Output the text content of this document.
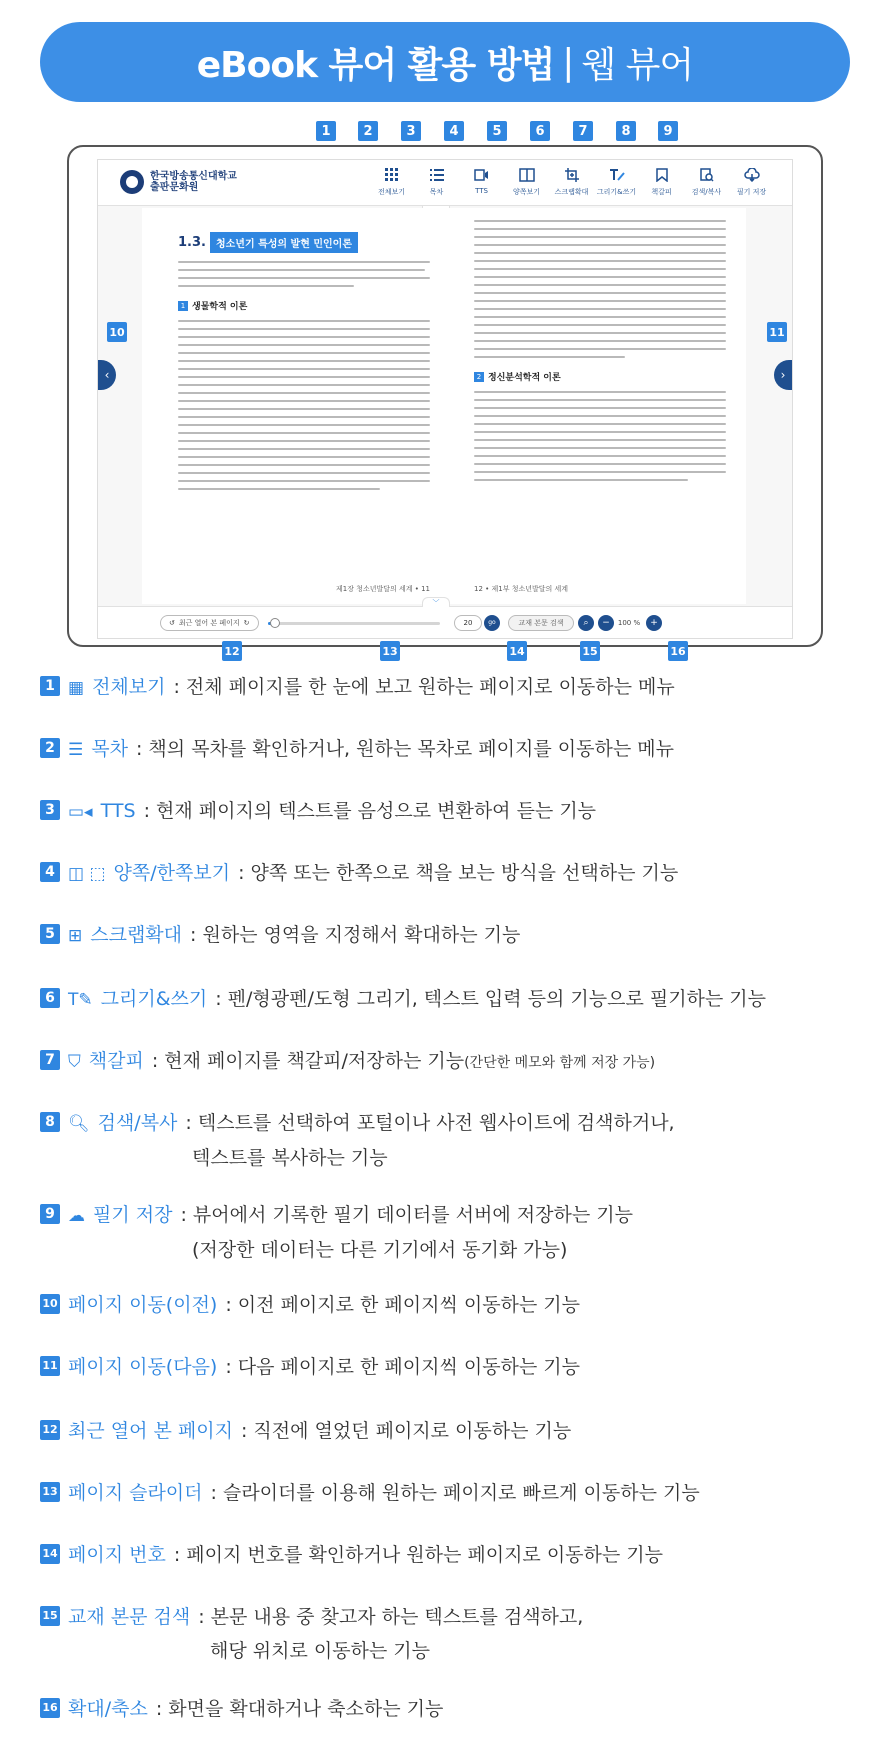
eBook 뷰어 활용 방법 | 웹 뷰어
1	2	3	4	5	6	7	8	9
한국방송통신대학교
출판문화원	전체보기	목차	TTS	양쪽보기 스크랩확대 그리기&쓰기 책갈피	검색/복사 필기 저장
1.3.	청소년기 특성의 발현 민인이론
1 생물학적 이론
제1장 청소년발달의 세계 • 11
2 정신분석학적 이론
12 • 제1부 청소년발달의 세계
‹	›
﹀
↺ 최근 열어 본 페이지 ↻	20	go	교재 본문 검색	⌕	−	100 %	+
10	11
12	13	14	15	16
1 ▦ 전체보기 : 전체 페이지를 한 눈에 보고 원하는 페이지로 이동하는 메뉴
2 ☰ 목차 : 책의 목차를 확인하거나, 원하는 목차로 페이지를 이동하는 메뉴
3 ▭◂ TTS : 현재 페이지의 텍스트를 음성으로 변환하여 듣는 기능
4 ◫ ⬚ 양쪽/한쪽보기 : 양쪽 또는 한쪽으로 책을 보는 방식을 선택하는 기능
5 ⊞ 스크랩확대 : 원하는 영역을 지정해서 확대하는 기능
6 T✎ 그리기&쓰기 : 펜/형광펜/도형 그리기, 텍스트 입력 등의 기능으로 필기하는 기능
7 ⛉ 책갈피 : 현재 페이지를 책갈피/저장하는 기능(간단한 메모와 함께 저장 가능)
8 🔍︎ 검색/복사 : 텍스트를 선택하여 포털이나 사전 웹사이트에 검색하거나,
텍스트를 복사하는 기능
9 ☁ 필기 저장 : 뷰어에서 기록한 필기 데이터를 서버에 저장하는 기능
(저장한 데이터는 다른 기기에서 동기화 가능)
10 페이지 이동(이전) : 이전 페이지로 한 페이지씩 이동하는 기능
11 페이지 이동(다음) : 다음 페이지로 한 페이지씩 이동하는 기능
12 최근 열어 본 페이지 : 직전에 열었던 페이지로 이동하는 기능
13 페이지 슬라이더 : 슬라이더를 이용해 원하는 페이지로 빠르게 이동하는 기능
14 페이지 번호 : 페이지 번호를 확인하거나 원하는 페이지로 이동하는 기능
15 교재 본문 검색 : 본문 내용 중 찾고자 하는 텍스트를 검색하고,
해당 위치로 이동하는 기능
16 확대/축소 : 화면을 확대하거나 축소하는 기능
